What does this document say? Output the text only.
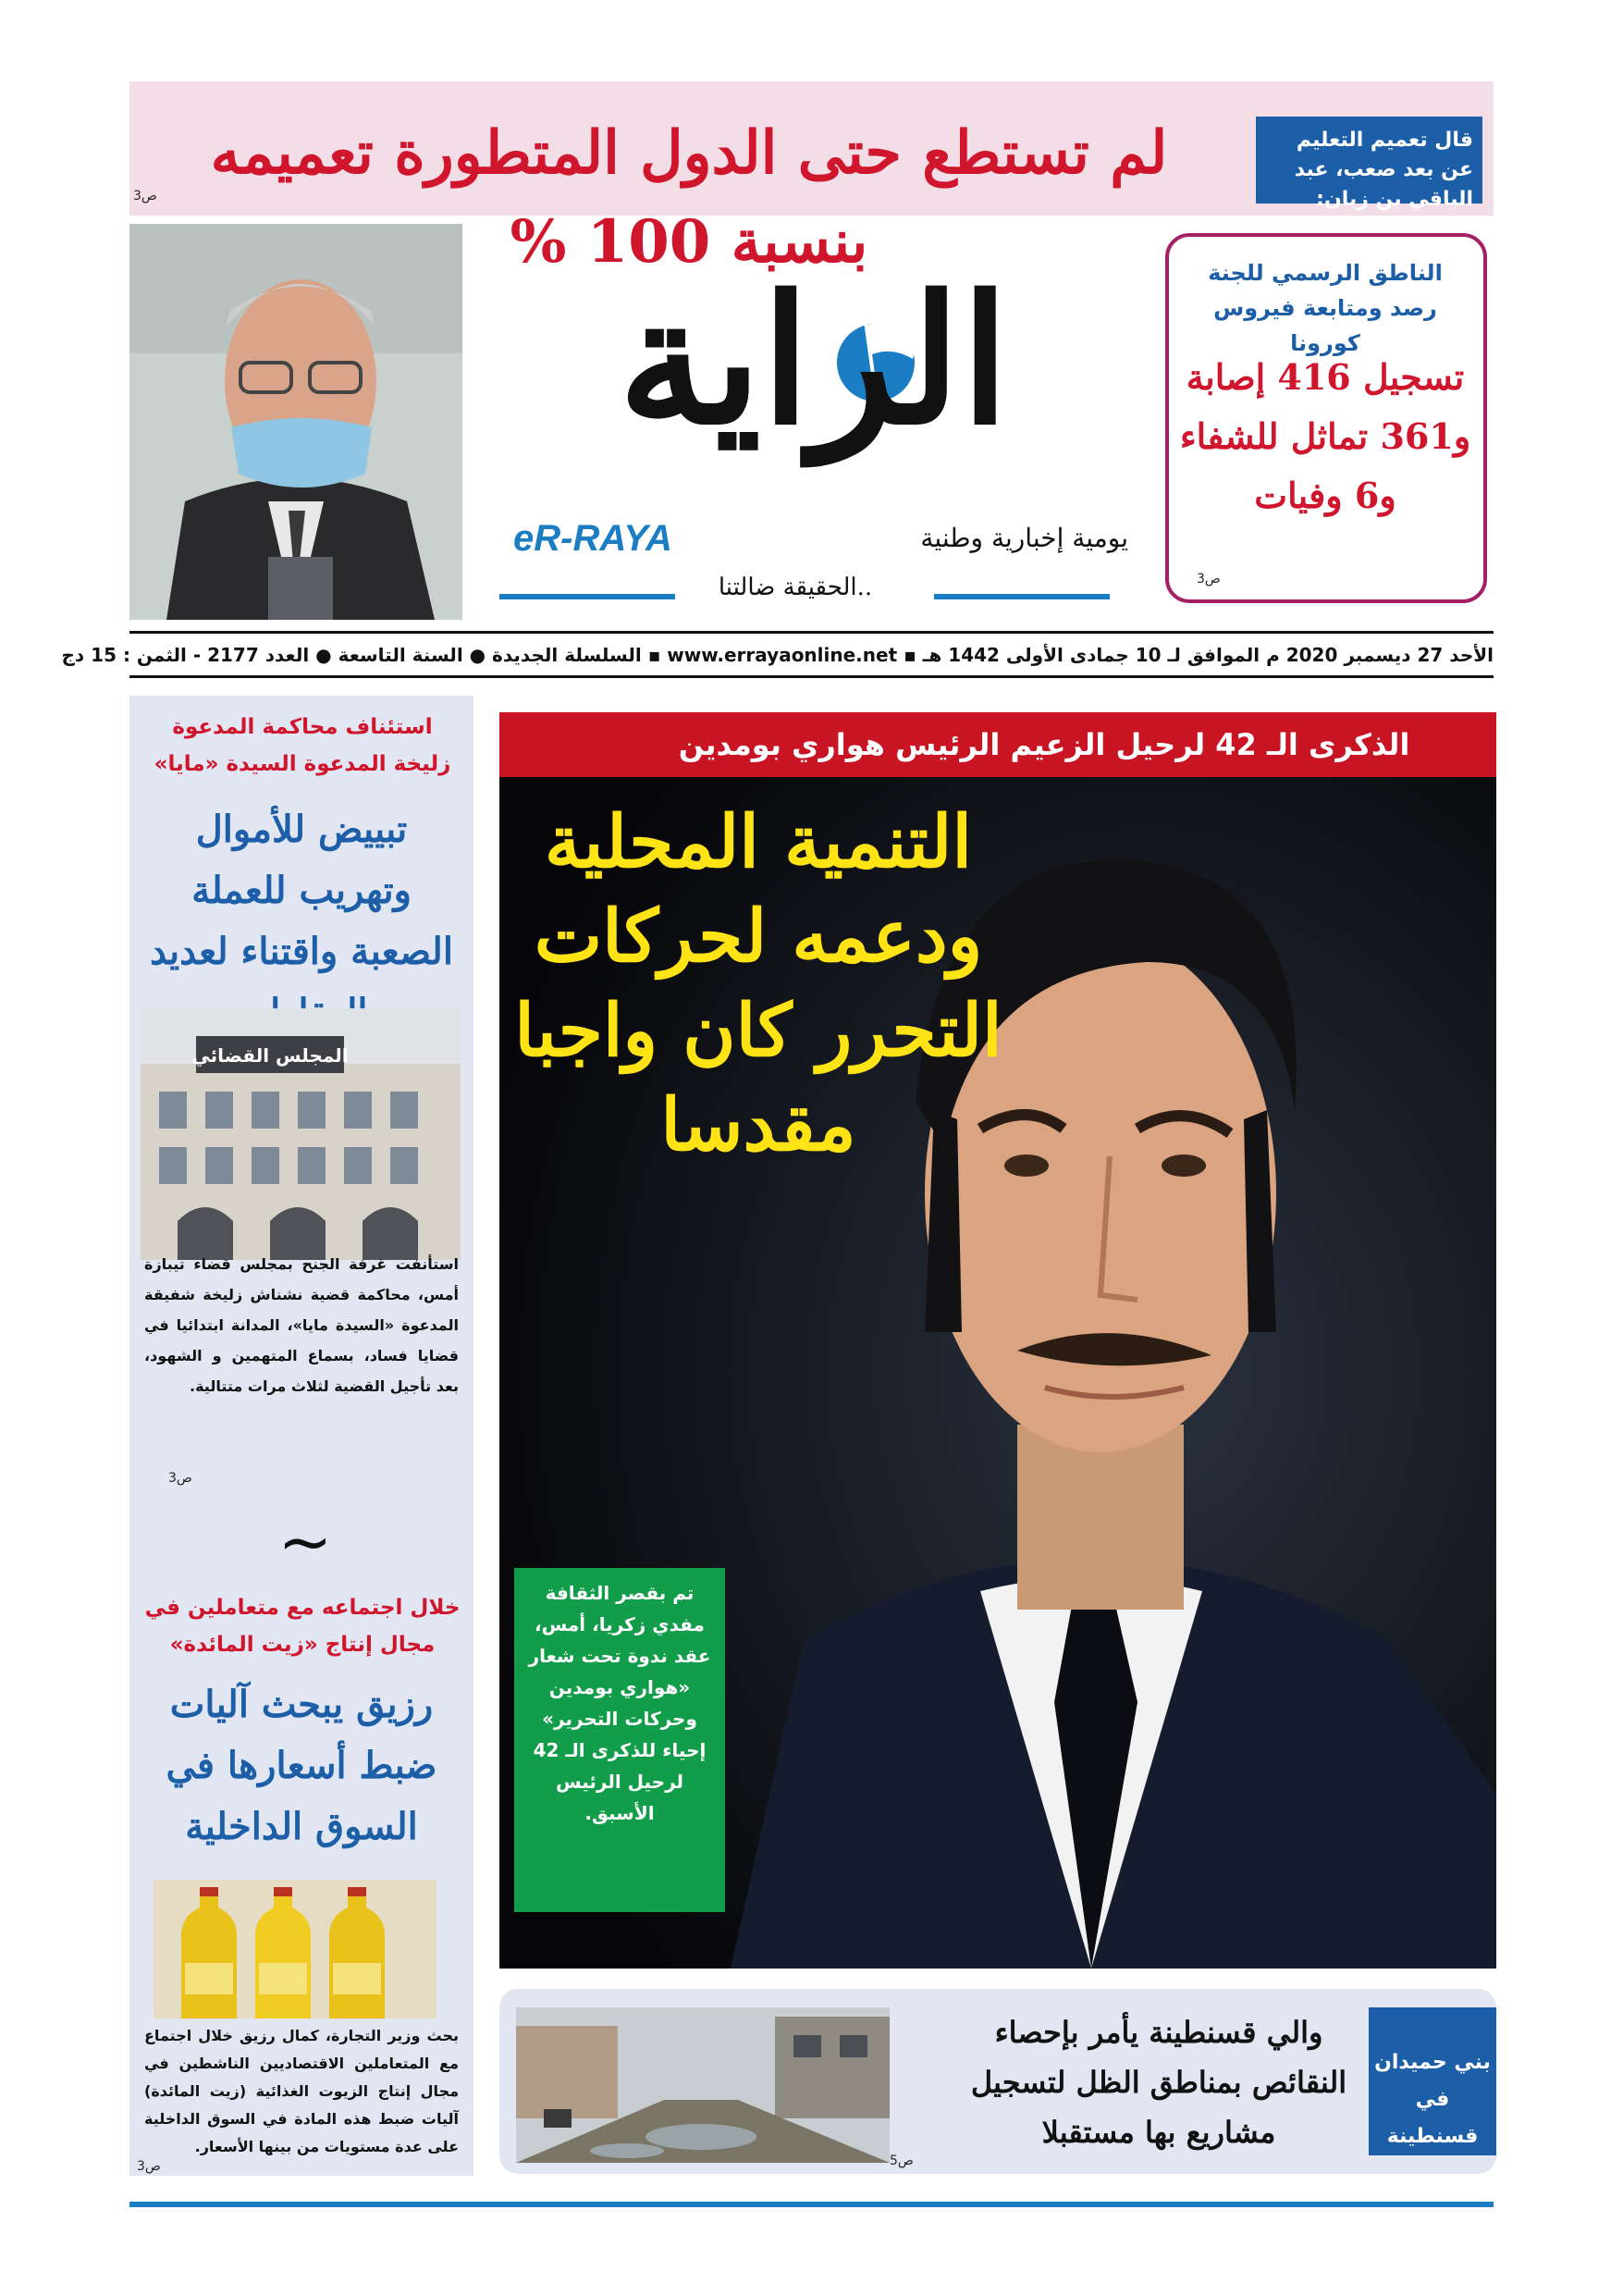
قال تعميم التعليم عن بعد صعب، عبد الباقي بن زيان:
لم تستطع حتى الدول المتطورة تعميمه بنسبة 100 %
ص3
الراية
eR-RAYA	يومية إخبارية وطنية
..الحقيقة ضالتنا
الناطق الرسمي للجنة رصد ومتابعة فيروس كورونا
تسجيل 416 إصابة و361 تماثل للشفاء و6 وفيات
ص3
الأحد 27 ديسمبر 2020 م الموافق لـ 10 جمادى الأولى 1442 هـ ▪ www.errayaonline.net ▪ السلسلة الجديدة ● السنة التاسعة ● العدد 2177 - الثمن : 15 دج
استئناف محاكمة المدعوة زليخة المدعوة السيدة «مايا»
تبييض للأموال وتهريب للعملة الصعبة واقتناء لعديد
المجلس القضائي
استأنفت غرفة الجنح بمجلس قضاء تيبازة أمس، محاكمة قضية نشناش زليخة شفيقة المدعوة «السيدة مايا»، المدانة ابتدائيا في قضايا فساد، بسماع المتهمين و الشهود، بعد تأجيل القضية لثلاث مرات متتالية.
ص3
~
خلال اجتماعه مع متعاملين في مجال إنتاج «زيت المائدة»
رزيق يبحث آليات ضبط أسعارها في السوق الداخلية
بحث وزير التجارة، كمال رزيق خلال اجتماع مع المتعاملين الاقتصاديين الناشطين في مجال إنتاج الزيوت الغذائية (زيت المائدة) آليات ضبط هذه المادة في السوق الداخلية على عدة مستويات من بينها الأسعار.
ص3
الذكرى الـ 42 لرحيل الزعيم الرئيس هواري بومدين
ص3
التنمية المحلية ودعمه لحركات التحرر كان واجبا مقدسا
تم بقصر الثقافة مفدي زكريا، أمس، عقد ندوة تحت شعار «هواري بومدين وحركات التحرير» إحياء للذكرى الـ 42 لرحيل الرئيس الأسبق.
بني حميدان في قسنطينة
والي قسنطينة يأمر بإحصاء النقائص بمناطق الظل لتسجيل مشاريع بها مستقبلا
ص5
